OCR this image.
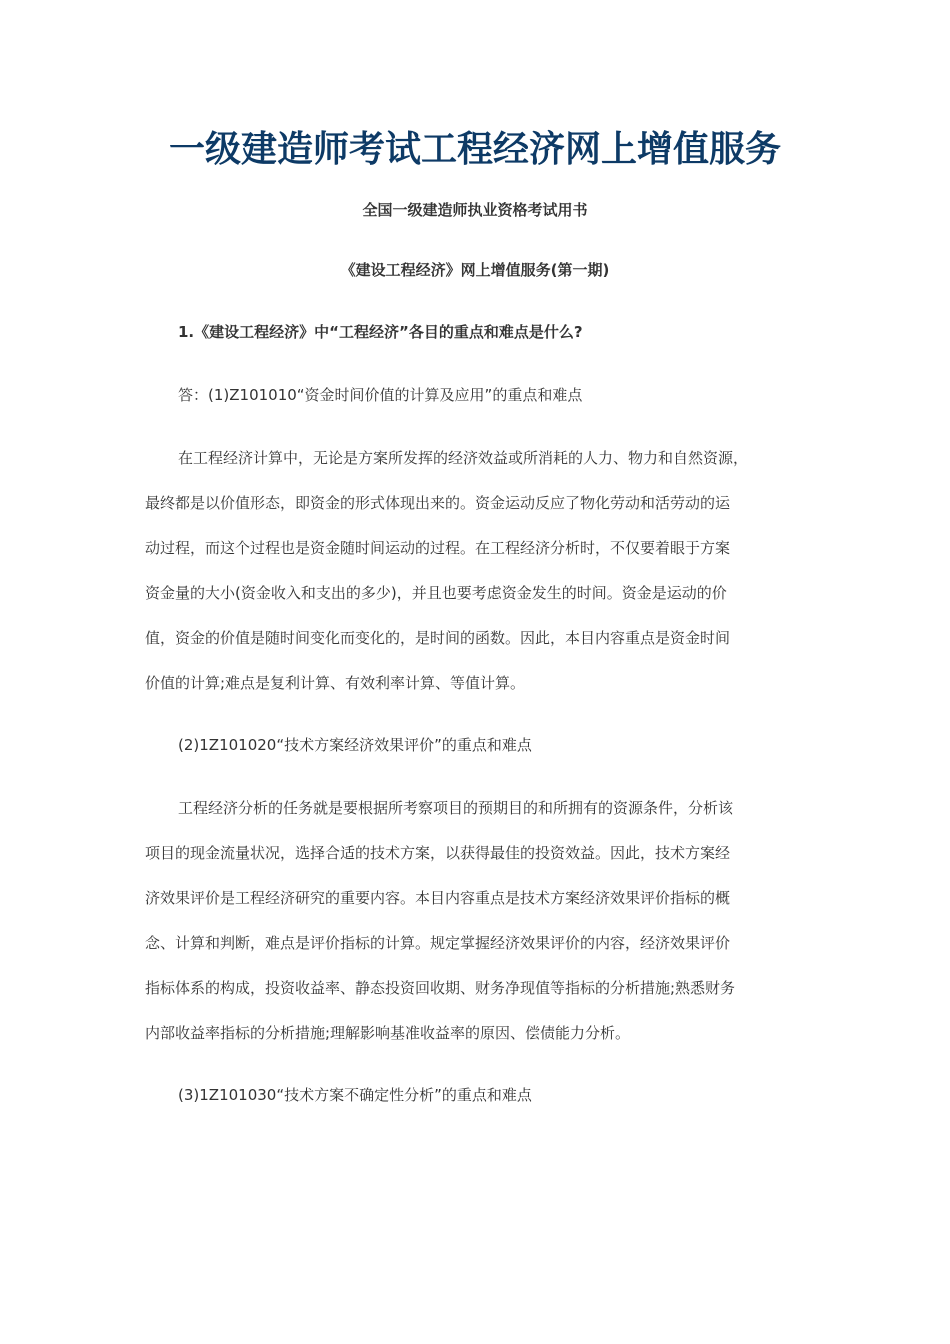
一级建造师考试工程经济网上增值服务

全国一级建造师执业资格考试用书

《建设工程经济》网上增值服务(第一期)

1.《建设工程经济》中“工程经济”各目的重点和难点是什么?

答：(1)Z101010“资金时间价值的计算及应用”的重点和难点

在工程经济计算中，无论是方案所发挥的经济效益或所消耗的人力、物力和自然资源，

最终都是以价值形态，即资金的形式体现出来的。资金运动反应了物化劳动和活劳动的运

动过程，而这个过程也是资金随时间运动的过程。在工程经济分析时，不仅要着眼于方案

资金量的大小(资金收入和支出的多少)，并且也要考虑资金发生的时间。资金是运动的价

值，资金的价值是随时间变化而变化的，是时间的函数。因此，本目内容重点是资金时间

价值的计算;难点是复利计算、有效利率计算、等值计算。

(2)1Z101020“技术方案经济效果评价”的重点和难点

工程经济分析的任务就是要根据所考察项目的预期目的和所拥有的资源条件，分析该

项目的现金流量状况，选择合适的技术方案，以获得最佳的投资效益。因此，技术方案经

济效果评价是工程经济研究的重要内容。本目内容重点是技术方案经济效果评价指标的概

念、计算和判断，难点是评价指标的计算。规定掌握经济效果评价的内容，经济效果评价

指标体系的构成，投资收益率、静态投资回收期、财务净现值等指标的分析措施;熟悉财务

内部收益率指标的分析措施;理解影响基准收益率的原因、偿债能力分析。

(3)1Z101030“技术方案不确定性分析”的重点和难点
